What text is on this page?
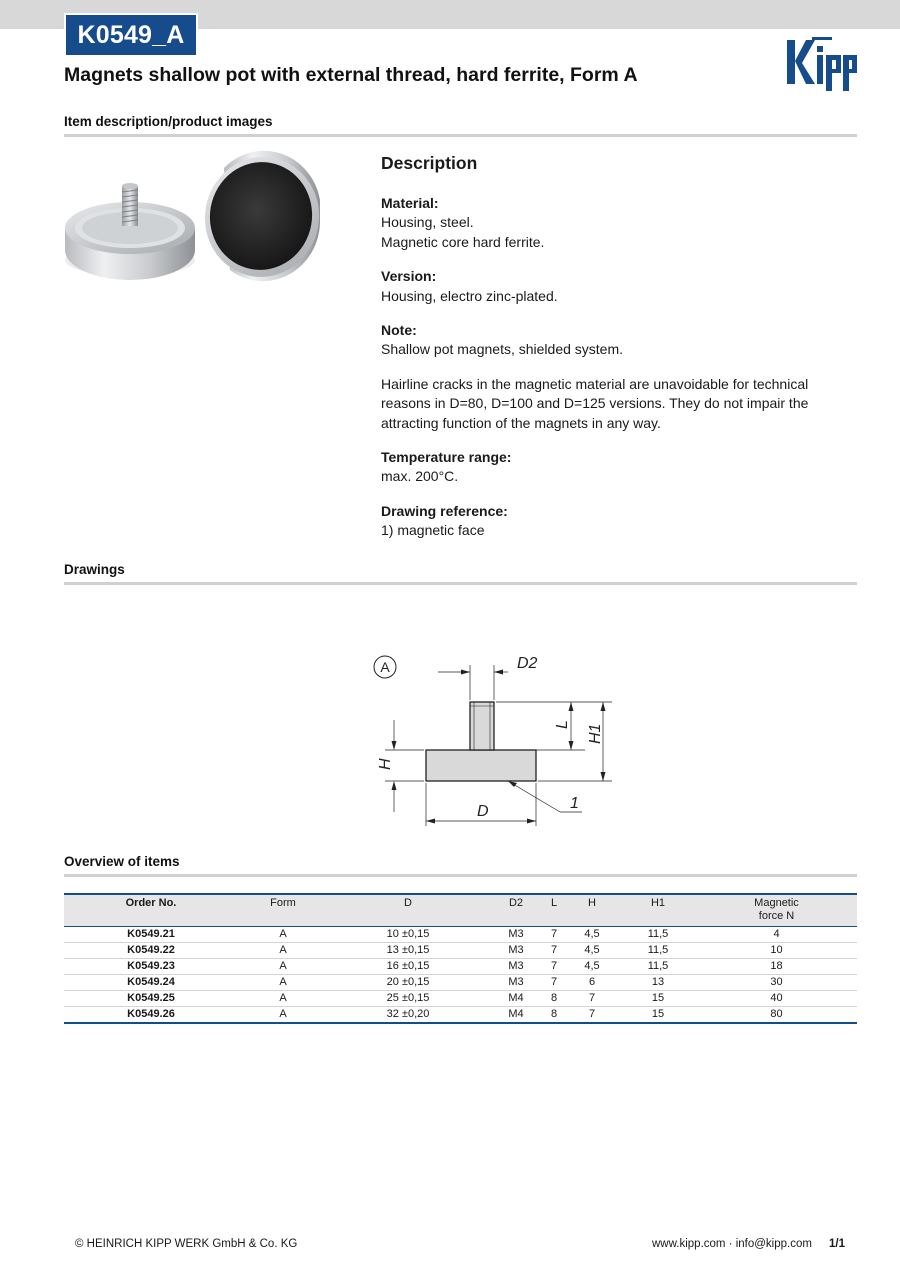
K0549_A
Magnets shallow pot with external thread, hard ferrite, Form A
Item description/product images
Description

Material:

Housing, steel.

Magnetic core hard ferrite.

Version:

Housing, electro zinc-plated.

Note:

Shallow pot magnets, shielded system.

Hairline cracks in the magnetic material are unavoidable for technical reasons in D=80, D=100 and D=125 versions. They do not impair the attracting function of the magnets in any way.

Temperature range:

max. 200°C.

Drawing reference:

1) magnetic face

Drawings
A	D2
L H1
H
D	1
Overview of items
Order No.	Form	D	D2	L	H	H1	Magnetic
force N
K0549.21	A	10 ±0,15	M3	7	4,5	11,5	4
K0549.22	A	13 ±0,15	M3	7	4,5	11,5	10
K0549.23	A	16 ±0,15	M3	7	4,5	11,5	18
K0549.24	A	20 ±0,15	M3	7	6	13	30
K0549.25	A	25 ±0,15	M4	8	7	15	40
K0549.26	A	32 ±0,20	M4	8	7	15	80
© HEINRICH KIPP WERK GmbH & Co. KG	www.kipp.com · info@kipp.com 1/1
